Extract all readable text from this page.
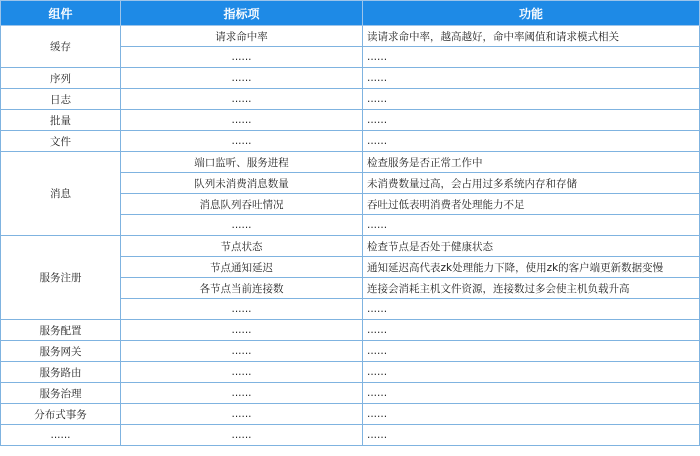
组件	指标项	功能
缓存	请求命中率	读请求命中率，越高越好，命中率阈值和请求模式相关
	......	......
序列	......	......
日志	......	......
批量	......	......
文件	......	......
消息	端口监听、服务进程	检查服务是否正常工作中
	队列未消费消息数量	未消费数量过高，会占用过多系统内存和存储
	消息队列吞吐情况	吞吐过低表明消费者处理能力不足
	......	......
服务注册	节点状态	检查节点是否处于健康状态
	节点通知延迟	通知延迟高代表zk处理能力下降，使用zk的客户端更新数据变慢
	各节点当前连接数	连接会消耗主机文件资源，连接数过多会使主机负载升高
	......	......
服务配置	......	......
服务网关	......	......
服务路由	......	......
服务治理	......	......
分布式事务	......	......
......	......	......
